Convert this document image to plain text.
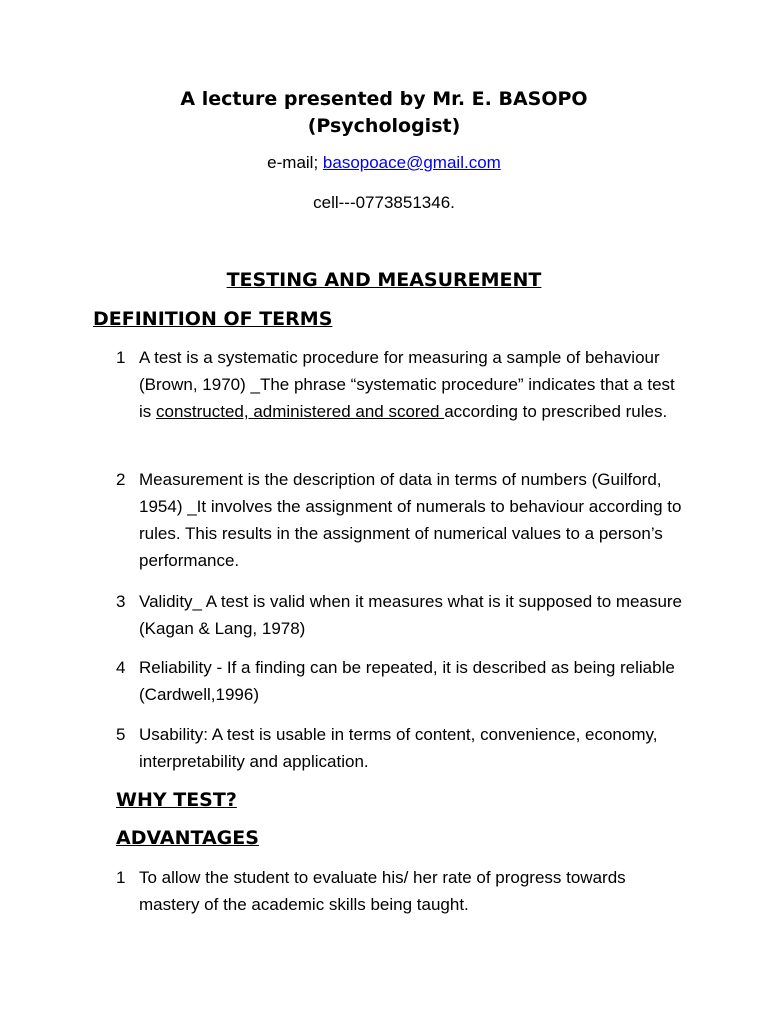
A lecture presented by Mr. E. BASOPO
(Psychologist)
e-mail; basopoace@gmail.com
cell---0773851346.
TESTING AND MEASUREMENT
DEFINITION OF TERMS
1 A test is a systematic procedure for measuring a sample of behaviour (Brown, 1970) _The phrase “systematic procedure” indicates that a test is constructed, administered and scored according to prescribed rules.
2 Measurement is the description of data in terms of numbers (Guilford, 1954) _It involves the assignment of numerals to behaviour according to rules. This results in the assignment of numerical values to a person’s performance.
3 Validity_ A test is valid when it measures what is it supposed to measure (Kagan & Lang, 1978)
4 Reliability - If a finding can be repeated, it is described as being reliable (Cardwell,1996)
5 Usability: A test is usable in terms of content, convenience, economy, interpretability and application.
WHY TEST?
ADVANTAGES
1 To allow the student to evaluate his/ her rate of progress towards mastery of the academic skills being taught.
